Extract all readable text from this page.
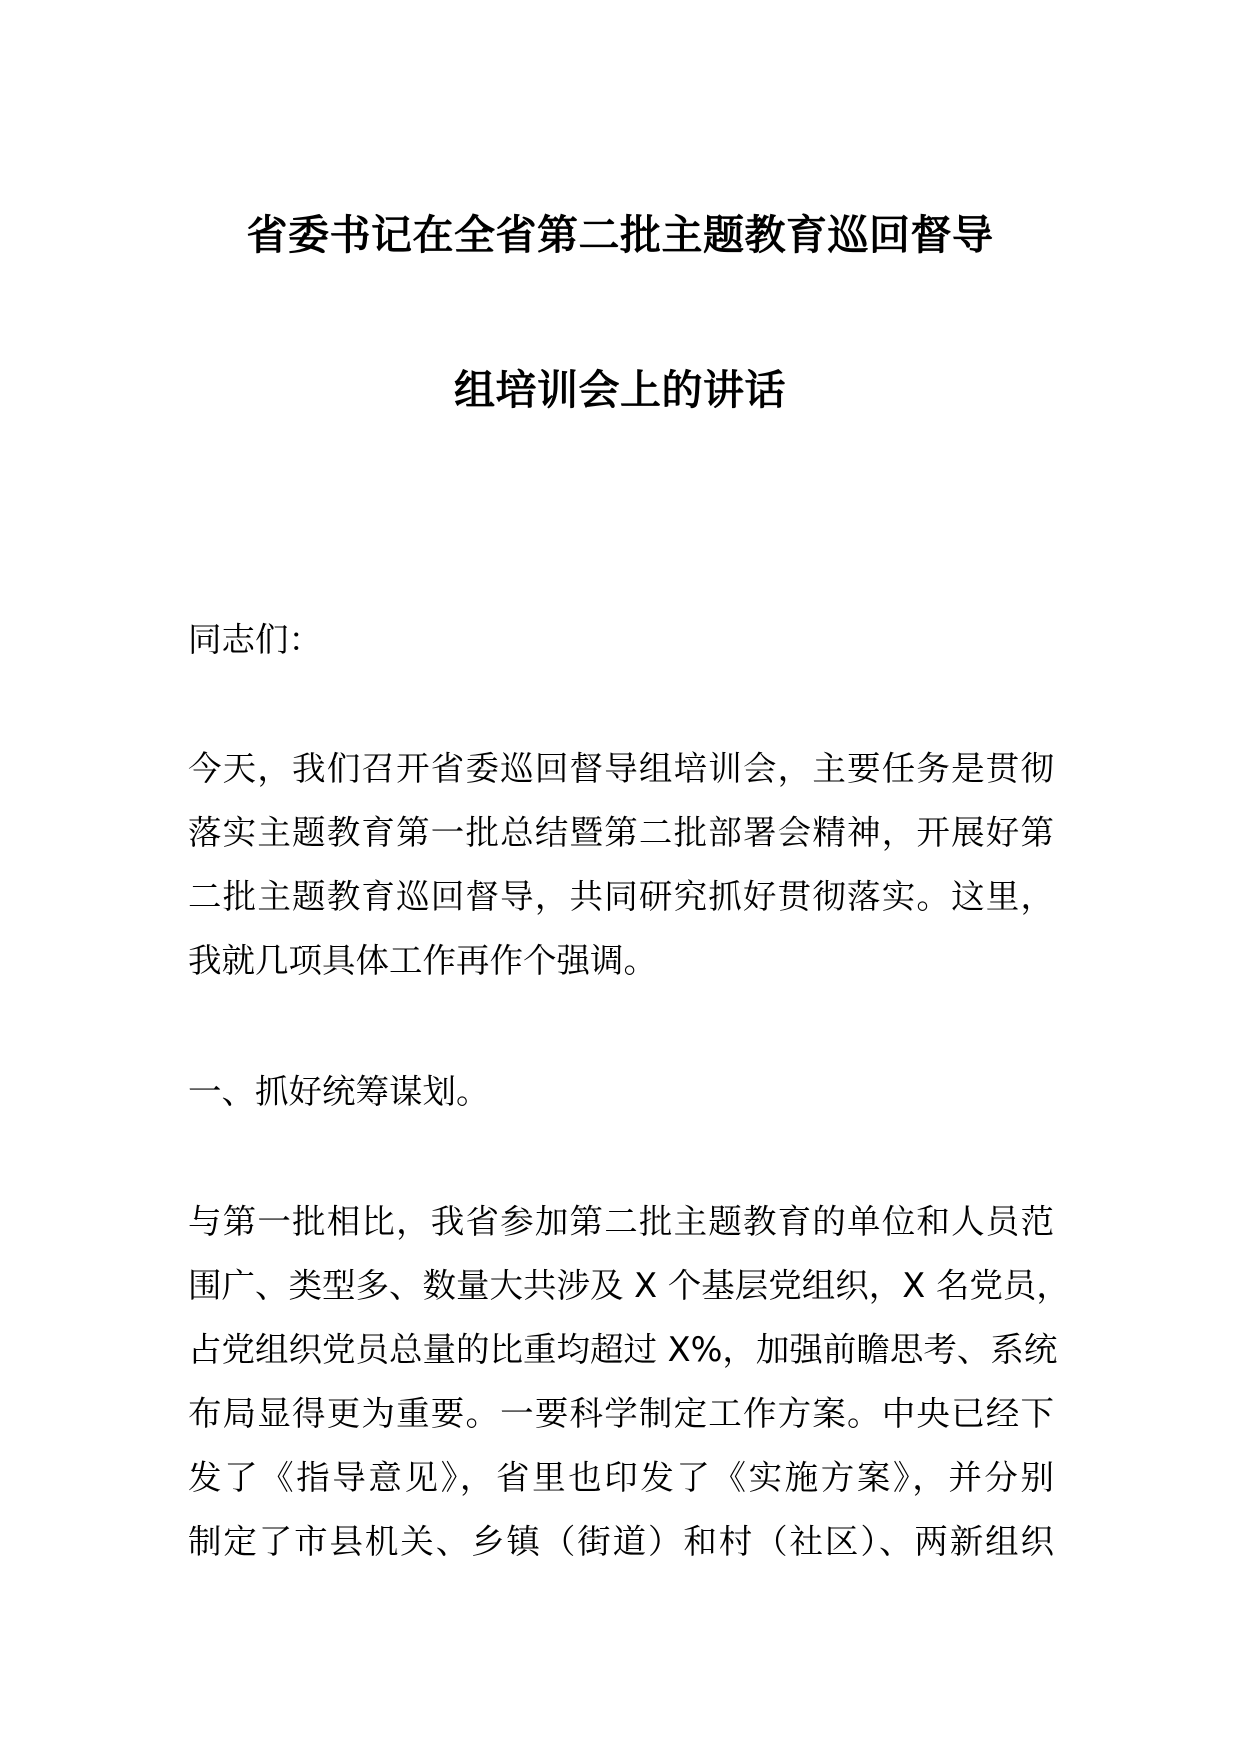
省委书记在全省第二批主题教育巡回督导
组培训会上的讲话

同志们：

今天，我们召开省委巡回督导组培训会，主要任务是贯彻
落实主题教育第一批总结暨第二批部署会精神，开展好第
二批主题教育巡回督导，共同研究抓好贯彻落实。这里，
我就几项具体工作再作个强调。

一、抓好统筹谋划。

与第一批相比，我省参加第二批主题教育的单位和人员范
围广、类型多、数量大共涉及 X 个基层党组织，X 名党员，
占党组织党员总量的比重均超过 X%，加强前瞻思考、系统
布局显得更为重要。一要科学制定工作方案。中央已经下
发了《指导意见》，省里也印发了《实施方案》，并分别
制定了市县机关、乡镇（街道）和村（社区）、两新组织
